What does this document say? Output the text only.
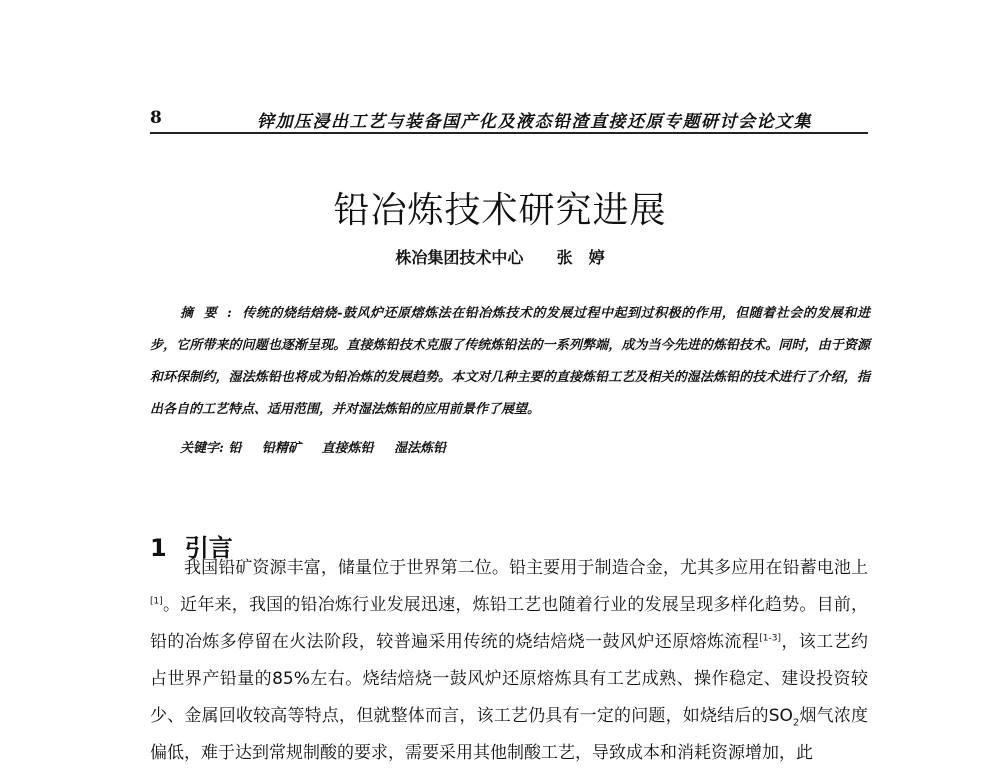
8	锌加压浸出工艺与装备国产化及液态铅渣直接还原专题研讨会论文集
铅冶炼技术研究进展
株冶集团技术中心 张 婷
摘要:传统的烧结焙烧-鼓风炉还原熔炼法在铅冶炼技术的发展过程中起到过积极的作用，但随着社会的发展和进步，它所带来的问题也逐渐呈现。直接炼铅技术克服了传统炼铅法的一系列弊端，成为当今先进的炼铅技术。同时，由于资源和环保制约，湿法炼铅也将成为铅冶炼的发展趋势。本文对几种主要的直接炼铅工艺及相关的湿法炼铅的技术进行了介绍，指出各自的工艺特点、适用范围，并对湿法炼铅的应用前景作了展望。
关键字: 铅 铅精矿 直接炼铅 湿法炼铅
1 引言

我国铅矿资源丰富，储量位于世界第二位。铅主要用于制造合金，尤其多应用在铅蓄电池上[1]。近年来，我国的铅冶炼行业发展迅速，炼铅工艺也随着行业的发展呈现多样化趋势。目前，铅的冶炼多停留在火法阶段，较普遍采用传统的烧结焙烧一鼓风炉还原熔炼流程[1-3]，该工艺约占世界产铅量的85%左右。烧结焙烧一鼓风炉还原熔炼具有工艺成熟、操作稳定、建设投资较少、金属回收较高等特点，但就整体而言，该工艺仍具有一定的问题，如烧结后的$SO_2$烟气浓度偏低，难于达到常规制酸的要求，需要采用其他制酸工艺，导致成本和消耗资源增加，此
